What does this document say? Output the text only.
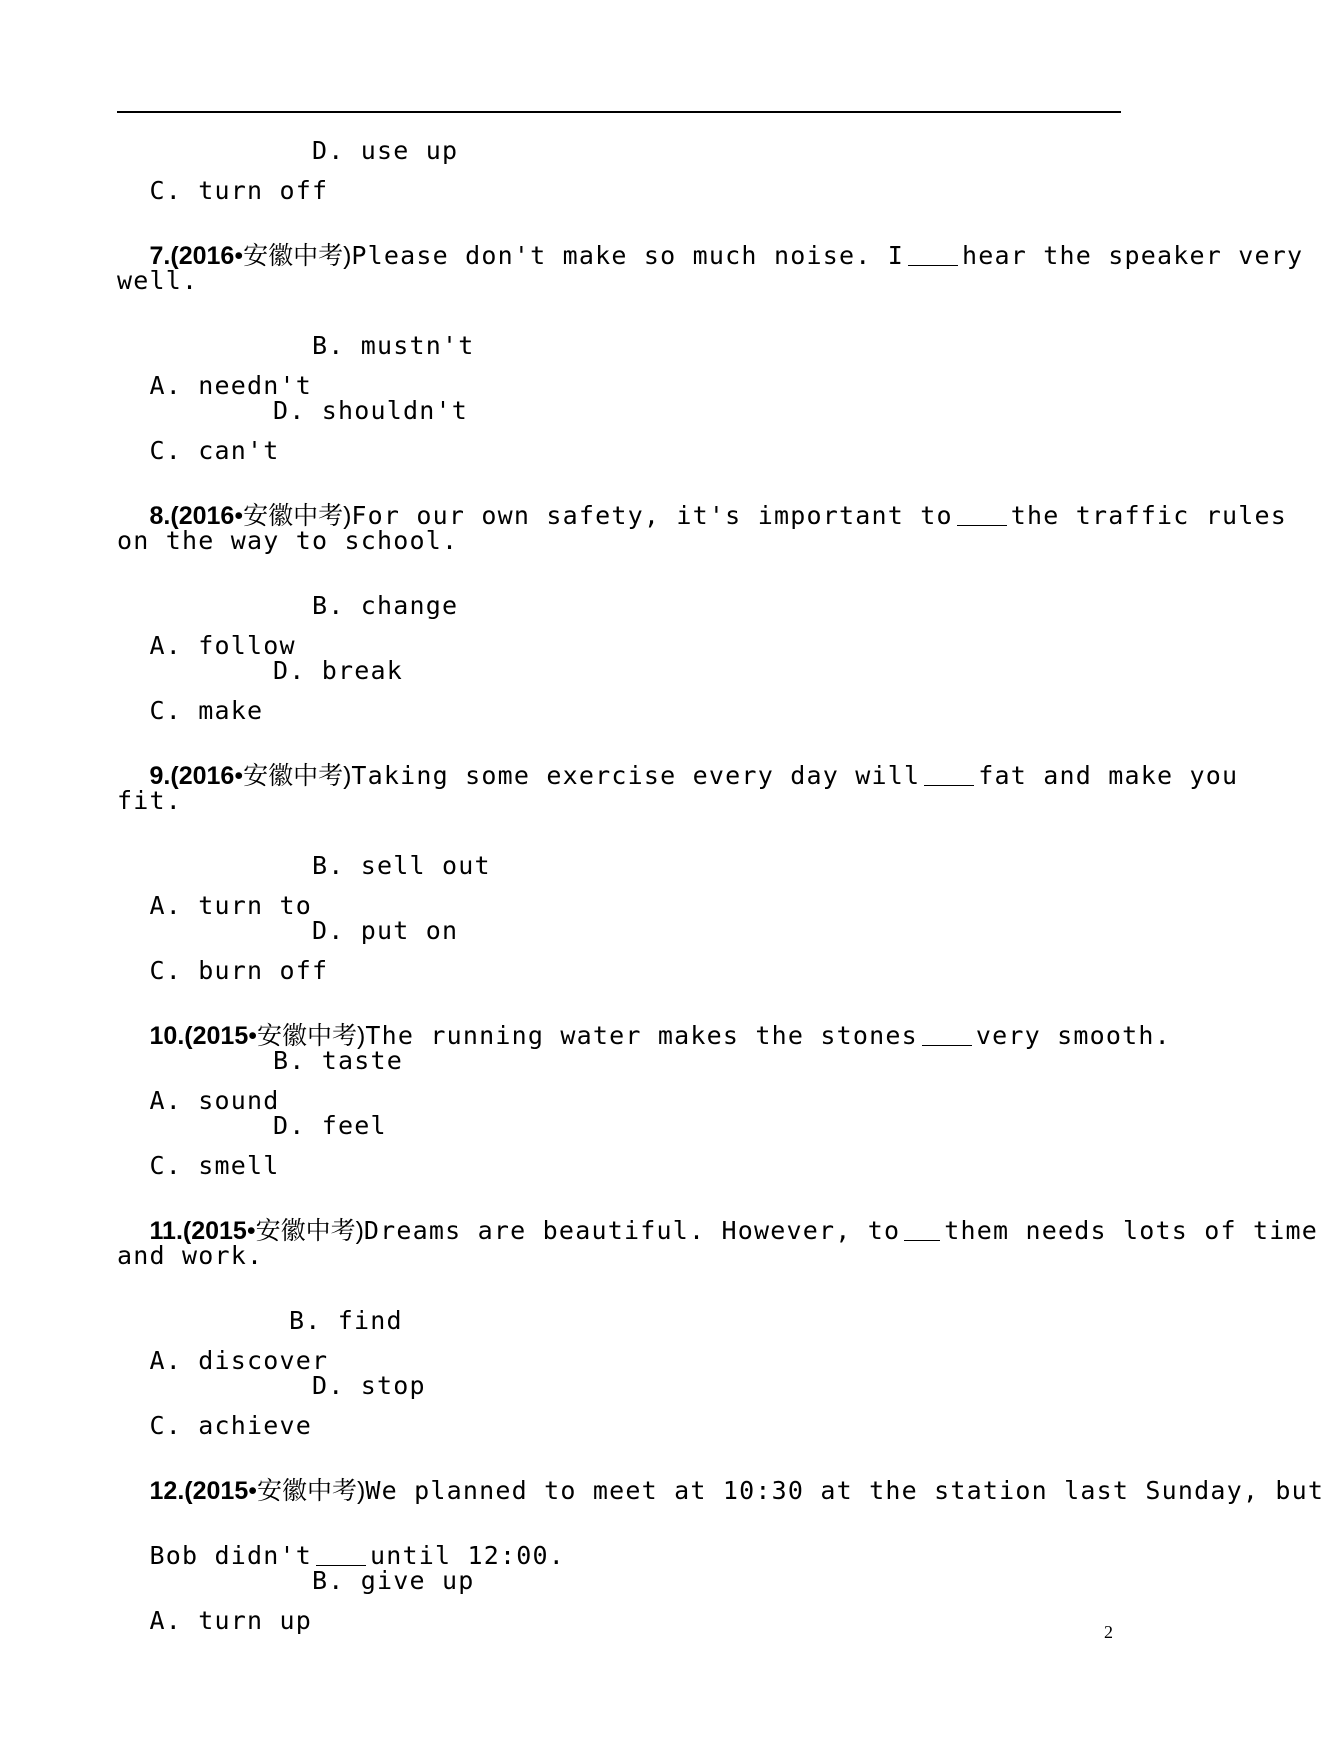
C. turn off

D. use up

7.(2016•安徽中考)Please don't make so much noise. I hear the speaker very

well.

A. needn't

B. mustn't

C. can't

D. shouldn't

8.(2016•安徽中考)For our own safety, it's important to the traffic rules

on the way to school.

A. follow

B. change

C. make

D. break

9.(2016•安徽中考)Taking some exercise every day will fat and make you

fit.

A. turn to

B. sell out

C. burn off

D. put on

10.(2015•安徽中考)The running water makes the stones very smooth.

A. sound

B. taste

C. smell

D. feel

11.(2015•安徽中考)Dreams are beautiful. However, to them needs lots of time

and work.

A. discover

B. find

C. achieve

D. stop

12.(2015•安徽中考)We planned to meet at 10:30 at the station last Sunday, but

Bob didn't until 12:00.

A. turn up

B. give up

2
